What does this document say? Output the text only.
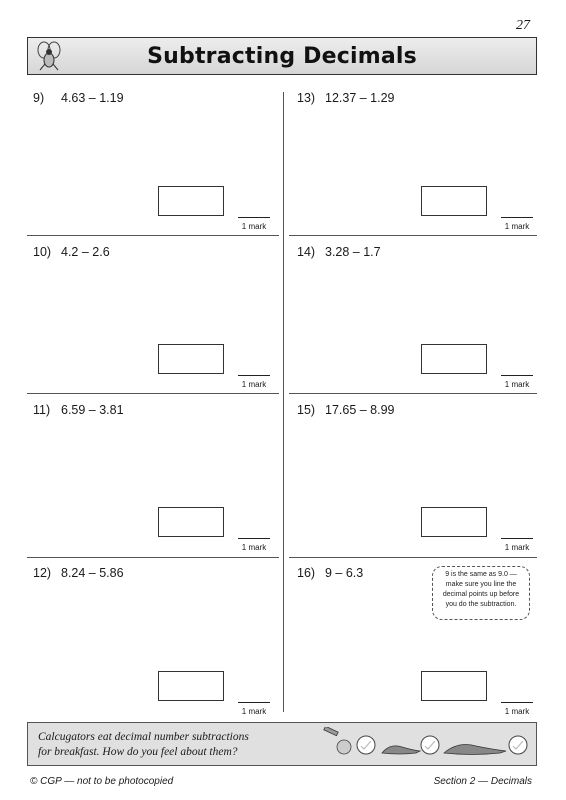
27
Subtracting Decimals
9) 4.63 – 1.19
1 mark
10) 4.2 – 2.6
1 mark
11) 6.59 – 3.81
1 mark
12) 8.24 – 5.86
1 mark
13) 12.37 – 1.29
1 mark
14) 3.28 – 1.7
1 mark
15) 17.65 – 8.99
1 mark
16) 9 – 6.3	9 is the same as 9.0 —
make sure you line the
decimal points up before
you do the subtraction.
1 mark
Calcugators eat decimal number subtractions
for breakfast. How do you feel about them?
© CGP — not to be photocopied	Section 2 — Decimals
